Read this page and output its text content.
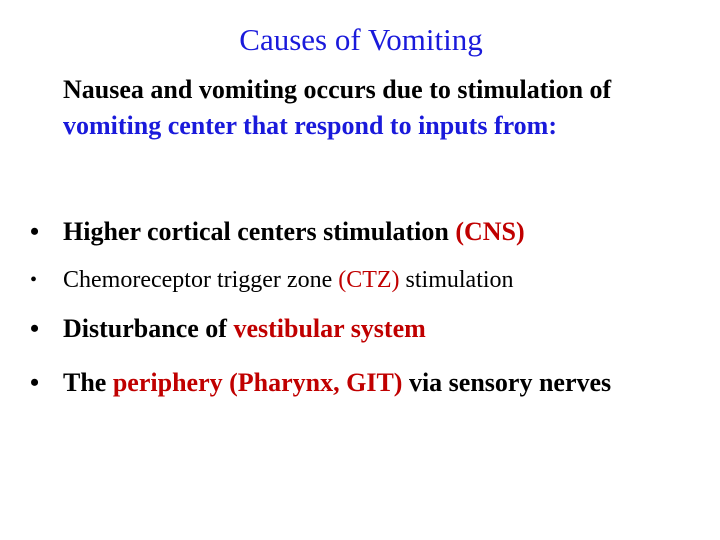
Causes of Vomiting
Nausea and vomiting occurs due to stimulation of vomiting center that respond to inputs from:
• Higher cortical centers stimulation (CNS)
• Chemoreceptor trigger zone (CTZ) stimulation
• Disturbance of vestibular system
• The periphery (Pharynx, GIT) via sensory nerves
